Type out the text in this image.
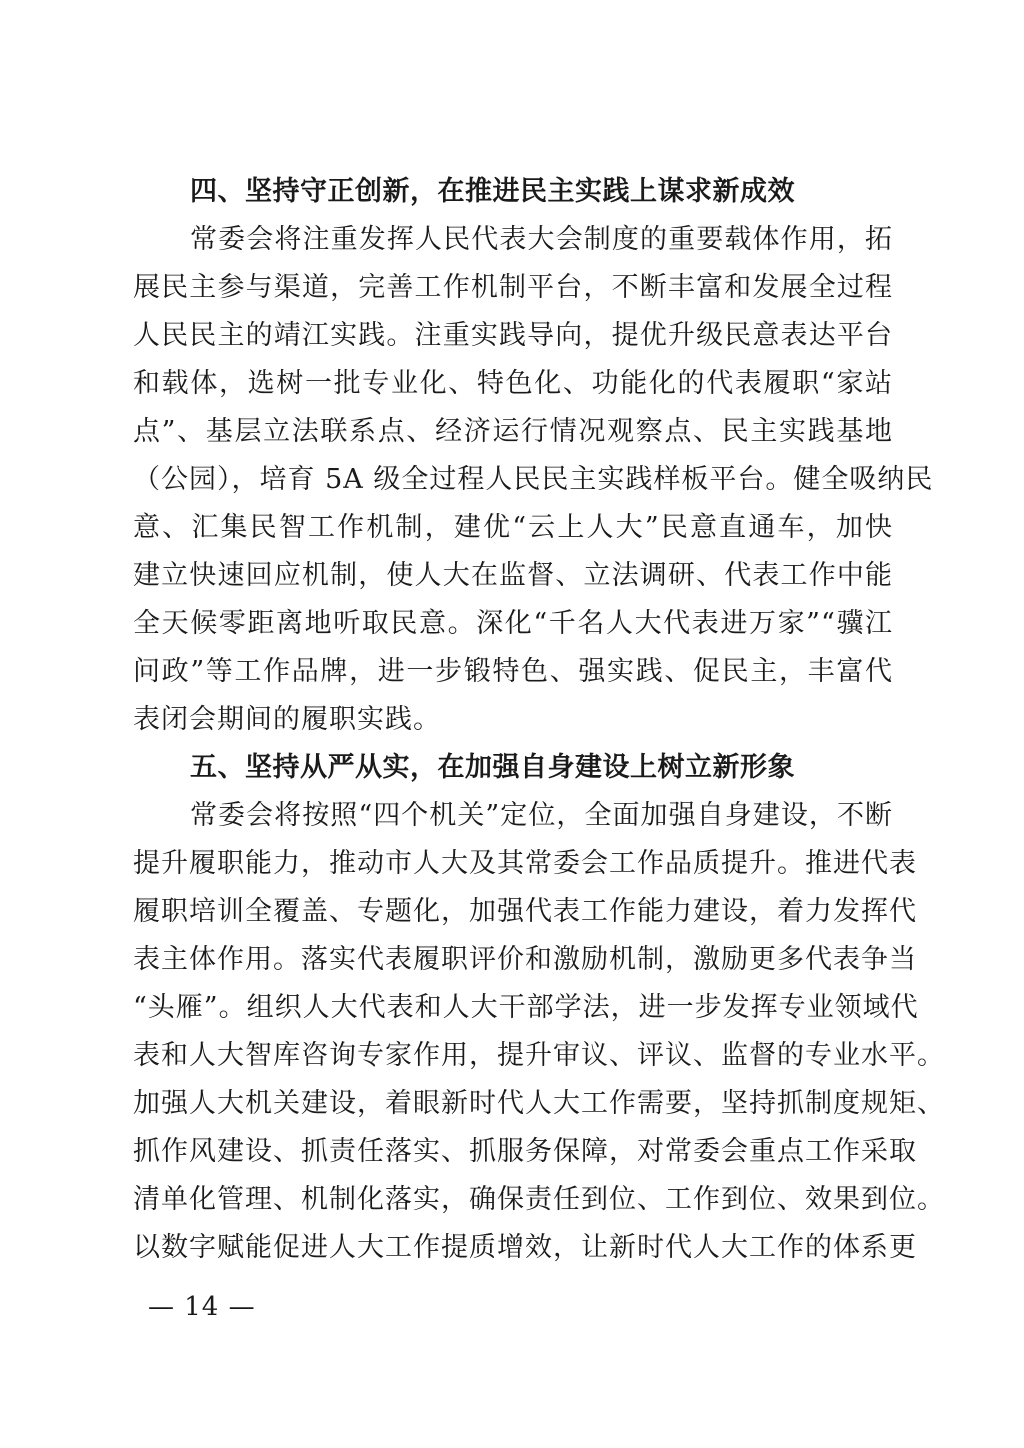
四、坚持守正创新，在推进民主实践上谋求新成效

常委会将注重发挥人民代表大会制度的重要载体作用，拓

展民主参与渠道，完善工作机制平台，不断丰富和发展全过程

人民民主的靖江实践。注重实践导向，提优升级民意表达平台

和载体，选树一批专业化、特色化、功能化的代表履职“家站

点”、基层立法联系点、经济运行情况观察点、民主实践基地

（公园），培育 5A 级全过程人民民主实践样板平台。健全吸纳民

意、汇集民智工作机制，建优“云上人大”民意直通车，加快

建立快速回应机制，使人大在监督、立法调研、代表工作中能

全天候零距离地听取民意。深化“千名人大代表进万家”“骥江

问政”等工作品牌，进一步锻特色、强实践、促民主，丰富代

表闭会期间的履职实践。

五、坚持从严从实，在加强自身建设上树立新形象

常委会将按照“四个机关”定位，全面加强自身建设，不断

提升履职能力，推动市人大及其常委会工作品质提升。推进代表

履职培训全覆盖、专题化，加强代表工作能力建设，着力发挥代

表主体作用。落实代表履职评价和激励机制，激励更多代表争当

“头雁”。组织人大代表和人大干部学法，进一步发挥专业领域代

表和人大智库咨询专家作用，提升审议、评议、监督的专业水平。

加强人大机关建设，着眼新时代人大工作需要，坚持抓制度规矩、

抓作风建设、抓责任落实、抓服务保障，对常委会重点工作采取

清单化管理、机制化落实，确保责任到位、工作到位、效果到位。

以数字赋能促进人大工作提质增效，让新时代人大工作的体系更

— 14 —
